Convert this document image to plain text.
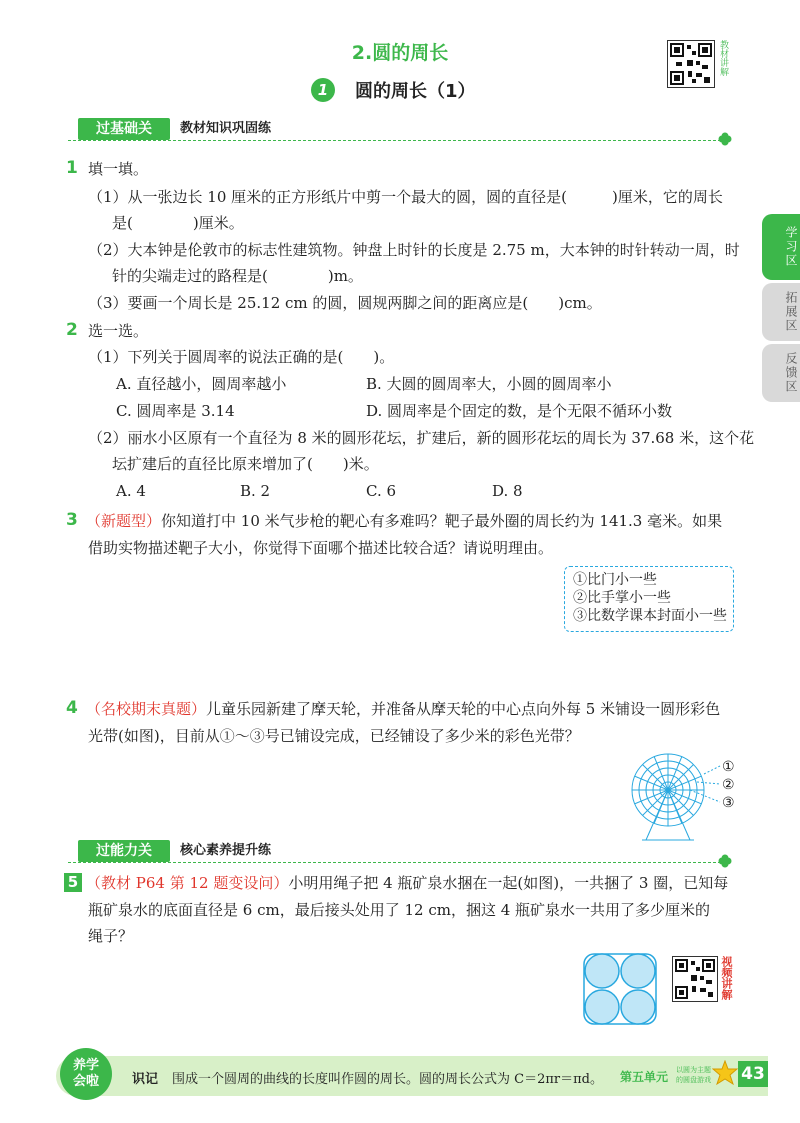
2.圆的周长
1	圆的周长（1）
教材讲解
学习区
拓展区
反馈区
过基础关	教材知识巩固练
1 填一填。
（1）从一张边长 10 厘米的正方形纸片中剪一个最大的圆，圆的直径是(　　　)厘米，它的周长
是(　　　　)厘米。
（2）大本钟是伦敦市的标志性建筑物。钟盘上时针的长度是 2.75 m，大本钟的时针转动一周，时
针的尖端走过的路程是(　　　　)m。
（3）要画一个周长是 25.12 cm 的圆，圆规两脚之间的距离应是(　　)cm。
2 选一选。
（1）下列关于圆周率的说法正确的是(　　)。
A. 直径越小，圆周率越小	B. 大圆的圆周率大，小圆的圆周率小
C. 圆周率是 3.14	D. 圆周率是个固定的数，是个无限不循环小数
（2）丽水小区原有一个直径为 8 米的圆形花坛，扩建后，新的圆形花坛的周长为 37.68 米，这个花
坛扩建后的直径比原来增加了(　　)米。
A. 4	B. 2	C. 6	D. 8
3 （新题型）你知道打中 10 米气步枪的靶心有多难吗？靶子最外圈的周长约为 141.3 毫米。如果
借助实物描述靶子大小，你觉得下面哪个描述比较合适？请说明理由。
①比门小一些
②比手掌小一些
③比数学课本封面小一些
4 （名校期末真题）儿童乐园新建了摩天轮，并准备从摩天轮的中心点向外每 5 米铺设一圆形彩色
光带(如图)，目前从①～③号已铺设完成，已经铺设了多少米的彩色光带？
①
②
③
过能力关	核心素养提升练
5 （教材 P64 第 12 题变设问）小明用绳子把 4 瓶矿泉水捆在一起(如图)，一共捆了 3 圈，已知每
瓶矿泉水的底面直径是 6 cm，最后接头处用了 12 cm，捆这 4 瓶矿泉水一共用了多少厘米的
绳子？
视频讲解
养学
会啦	识记 围成一个圆周的曲线的长度叫作圆的周长。圆的周长公式为 C＝2πr＝πd。 第五单元 以圆为主题
的圆盘游戏 43
